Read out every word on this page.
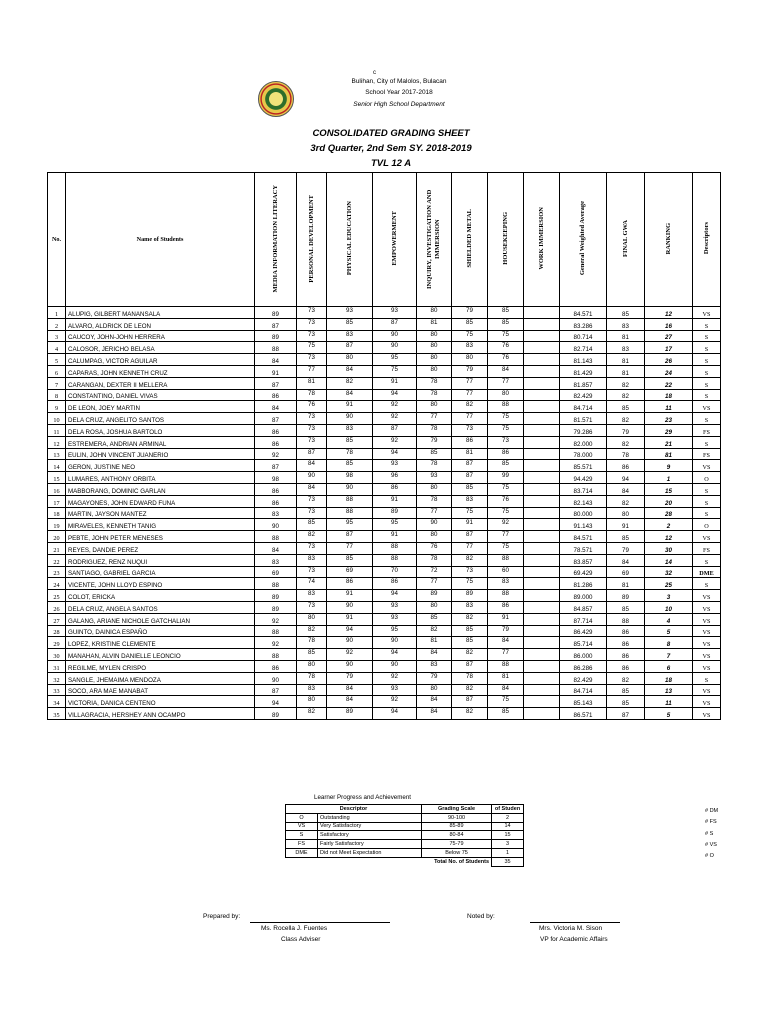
c
Bulihan, City of Malolos, Bulacan
School Year 2017-2018
Senior High School Department
CONSOLIDATED GRADING SHEET
3rd Quarter, 2nd Sem SY. 2018-2019
TVL 12 A
No.	Name of Students	MEDIA INFORMATION LITERACY	PERSONAL DEVELOPMENT	PHYSICAL EDUCATION	EMPOWERMENT	INQUIRY, INVESTIGATION AND IMMERSION	SHIELDED METAL	HOUSEKEEPING	WORK IMMERSION	General Weighted Average	FINAL GWA	RANKING	Descriptors
1	ALUPIG, GILBERT MANANSALA	89	73	93	93	80	79	85		84.571	85	12	VS
2	ALVARO, ALDRICK DE LEON	87	73	85	87	81	85	85		83.286	83	16	S
3	CAUCOY, JOHN-JOHN HERRERA	89	73	83	90	80	75	75		80.714	81	27	S
4	CALOSOR, JERICHO BELASA	88	75	87	90	80	83	76		82.714	83	17	S
5	CALUMPAG, VICTOR AGUILAR	84	73	80	95	80	80	76		81.143	81	26	S
6	CAPARAS, JOHN KENNETH CRUZ	91	77	84	75	80	79	84		81.429	81	24	S
7	CARANGAN, DEXTER II MELLERA	87	81	82	91	78	77	77		81.857	82	22	S
8	CONSTANTINO, DANIEL VIVAS	86	78	84	94	78	77	80		82.429	82	18	S
9	DE LEON, JOEY MARTIN	84	76	91	92	80	82	88		84.714	85	11	VS
10	DELA CRUZ, ANGELITO SANTOS	87	73	90	92	77	77	75		81.571	82	23	S
11	DELA ROSA, JOSHUA BARTOLO	86	73	83	87	78	73	75		79.286	79	29	FS
12	ESTREMERA, ANDRIAN ARMINAL	86	73	85	92	79	86	73		82.000	82	21	S
13	EULIN, JOHN VINCENT JUANERIO	92	87	78	94	85	81	86		78.000	78	81	FS
14	GERON, JUSTINE NEO	87	84	85	93	78	87	85		85.571	86	9	VS
15	LUMARES, ANTHONY ORBITA	98	90	98	96	93	87	99		94.429	94	1	O
16	MABBORANG, DOMINIC GARLAN	86	84	90	86	80	85	75		83.714	84	15	S
17	MAGAYONES, JOHN EDWARD FUNA	86	73	88	91	78	83	76		82.143	82	20	S
18	MARTIN, JAYSON MANTEZ	83	73	88	89	77	75	75		80.000	80	28	S
19	MIRAVELES, KENNETH TANIG	90	85	95	95	90	91	92		91.143	91	2	O
20	PEBTE, JOHN PETER MENESES	88	82	87	91	80	87	77		84.571	85	12	VS
21	REYES, DANDIE PEREZ	84	73	77	88	76	77	75		78.571	79	30	FS
22	RODRIGUEZ, RENZ NUQUI	83	83	85	88	78	82	88		83.857	84	14	S
23	SANTIAGO, GABRIEL GARCIA	69	73	69	70	72	73	60		69.429	69	32	DME
24	VICENTE, JOHN LLOYD ESPINO	88	74	86	86	77	75	83		81.286	81	25	S
25	COLOT, ERICKA	89	83	91	94	89	89	88		89.000	89	3	VS
26	DELA CRUZ, ANGELA SANTOS	89	73	90	93	80	83	86		84.857	85	10	VS
27	GALANG, ARIANE NICHOLE GATCHALIAN	92	80	91	93	85	82	91		87.714	88	4	VS
28	GUINTO, DAINICA ESPAÑO	88	82	94	95	82	85	79		86.429	86	5	VS
29	LOPEZ, KRISTINE CLEMENTE	92	78	90	90	81	85	84		85.714	86	8	VS
30	MANAHAN, ALVIN DANIELLE LEONCIO	88	85	92	94	84	82	77		86.000	86	7	VS
31	REGILME, MYLEN CRISPO	86	80	90	90	83	87	88		86.286	86	6	VS
32	SANGLE, JHEMAIMA MENDOZA	90	78	79	92	79	78	81		82.429	82	18	S
33	SOCO, ARA MAE MANABAT	87	83	84	93	80	82	84		84.714	85	13	VS
34	VICTORIA, DANICA CENTENO	94	80	84	92	84	87	75		85.143	85	11	VS
35	VILLAGRACIA, HERSHEY ANN OCAMPO	89	82	89	94	84	82	85		86.571	87	5	VS
Learner Progress and Achievement
Descriptor		Grading Scale	of Studen
O	Outstanding	90-100	2
VS	Very Satisfactory	85-89	14
S	Satisfactory	80-84	15
FS	Fairly Satisfactory	75-79	3
DME	Did not Meet Expectation	Below 75	1
Total No. of Students			35
# DM
# FS
# S
# VS
# O
Prepared by:
Ms. Rocella J. Fuentes
Class Adviser
Noted by:
Mrs. Victoria M. Sison
VP for Academic Affairs
